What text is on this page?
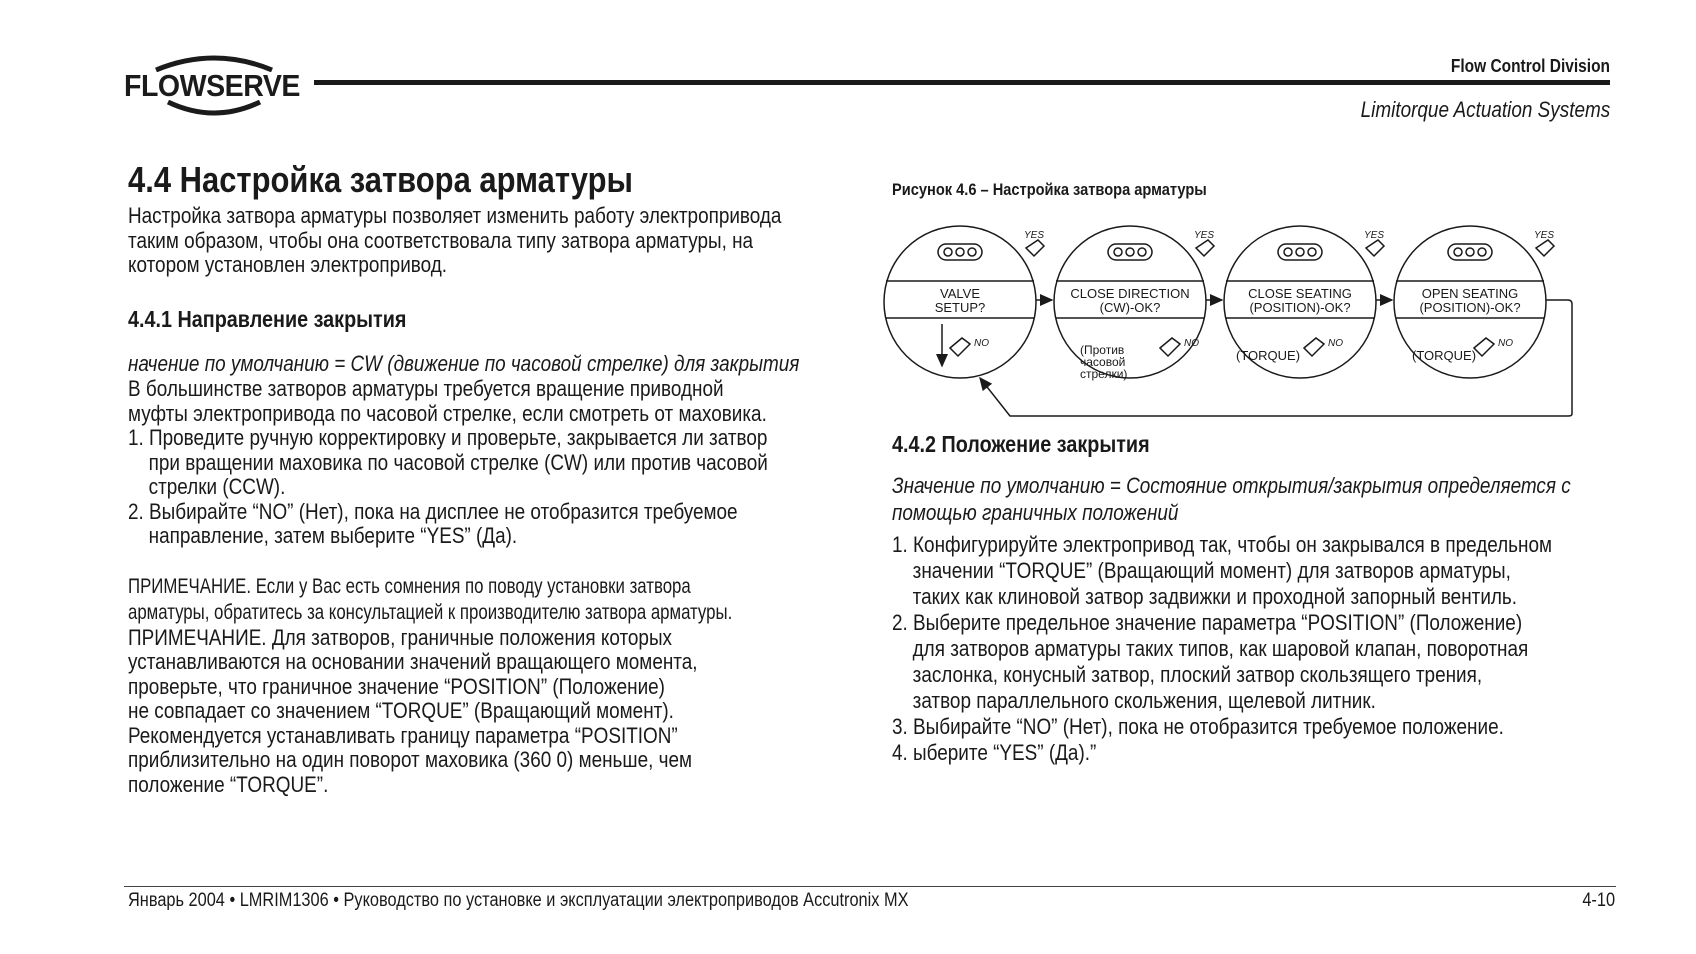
FLOWSERVE
Flow Control Division
Limitorque Actuation Systems
4.4 Настройка затвора арматуры
Настройка затвора арматуры позволяет изменить работу электропривода
таким образом, чтобы она соответствовала типу затвора арматуры, на
котором установлен электропривод.
4.4.1 Направление закрытия
начение по умолчанию = CW (движение по часовой стрелке) для закрытия
В большинстве затворов арматуры требуется вращение приводной
муфты электропривода по часовой стрелке, если смотреть от маховика.
1. Проведите ручную корректировку и проверьте, закрывается ли затвор
при вращении маховика по часовой стрелке (CW) или против часовой
стрелки (CCW).
2. Выбирайте “NO” (Нет), пока на дисплее не отобразится требуемое
направление, затем выберите “YES” (Да).
ПРИМЕЧАНИЕ. Если у Вас есть сомнения по поводу установки затвора
арматуры, обратитесь за консультацией к производителю затвора арматуры.
ПРИМЕЧАНИЕ. Для затворов, граничные положения которых
устанавливаются на основании значений вращающего момента,
проверьте, что граничное значение “POSITION” (Положение)
не совпадает со значением “TORQUE” (Вращающий момент).
Рекомендуется устанавливать границу параметра “POSITION”
приблизительно на один поворот маховика (360 0) меньше, чем
положение “TORQUE”.
Рисунок 4.6 – Настройка затвора арматуры
VALVE
SETUP?
CLOSE DIRECTION
(CW)-OK?
CLOSE SEATING
(POSITION)-OK?
OPEN SEATING
(POSITION)-OK?
(Против
часовой
стрелки)
(TORQUE)	(TORQUE)
YES	YES	YES	YES
NO	NO	NO	NO
4.4.2 Положение закрытия
Значение по умолчанию = Состояние открытия/закрытия определяется с
помощью граничных положений
1. Конфигурируйте электропривод так, чтобы он закрывался в предельном
значении “TORQUE” (Вращающий момент) для затворов арматуры,
таких как клиновой затвор задвижки и проходной запорный вентиль.
2. Выберите предельное значение параметра “POSITION” (Положение)
для затворов арматуры таких типов, как шаровой клапан, поворотная
заслонка, конусный затвор, плоский затвор скользящего трения,
затвор параллельного скольжения, щелевой литник.
3. Выбирайте “NO” (Нет), пока не отобразится требуемое положение.
4. ыберите “YES” (Да).”
Январь 2004 • LMRIM1306 • Руководство по установке и эксплуатации электроприводов Accutronix MX	4-10
